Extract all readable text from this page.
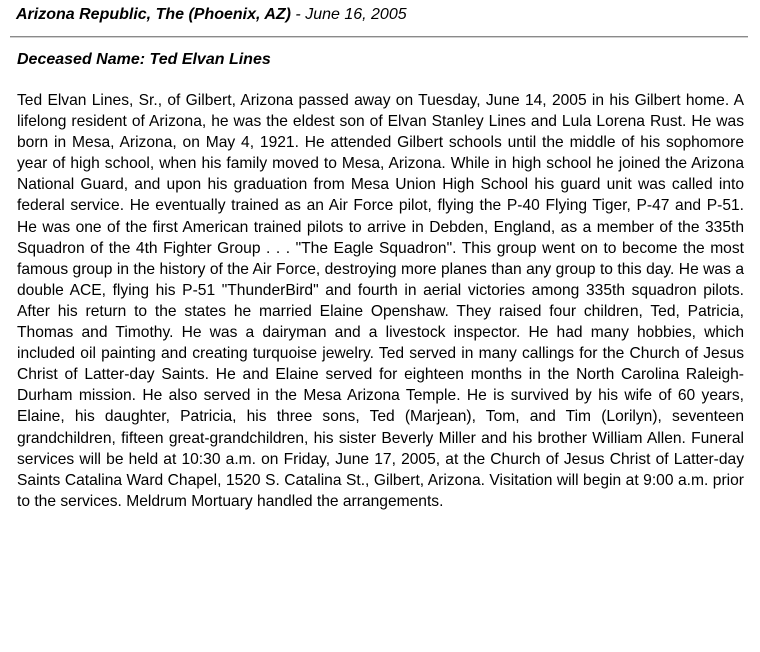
Arizona Republic, The (Phoenix, AZ) - June 16, 2005
Deceased Name: Ted Elvan Lines

Ted Elvan Lines, Sr., of Gilbert, Arizona passed away on Tuesday, June 14, 2005 in his Gilbert home. A lifelong resident of Arizona, he was the eldest son of Elvan Stanley Lines and Lula Lorena Rust. He was born in Mesa, Arizona, on May 4, 1921. He attended Gilbert schools until the middle of his sophomore year of high school, when his family moved to Mesa, Arizona. While in high school he joined the Arizona National Guard, and upon his graduation from Mesa Union High School his guard unit was called into federal service. He eventually trained as an Air Force pilot, flying the P-40 Flying Tiger, P-47 and P-51. He was one of the first American trained pilots to arrive in Debden, England, as a member of the 335th Squadron of the 4th Fighter Group . . . "The Eagle Squadron". This group went on to become the most famous group in the history of the Air Force, destroying more planes than any group to this day. He was a double ACE, flying his P-51 "ThunderBird" and fourth in aerial victories among 335th squadron pilots. After his return to the states he married Elaine Openshaw. They raised four children, Ted, Patricia, Thomas and Timothy. He was a dairyman and a livestock inspector. He had many hobbies, which included oil painting and creating turquoise jewelry. Ted served in many callings for the Church of Jesus Christ of Latter-day Saints. He and Elaine served for eighteen months in the North Carolina Raleigh-Durham mission. He also served in the Mesa Arizona Temple. He is survived by his wife of 60 years, Elaine, his daughter, Patricia, his three sons, Ted (Marjean), Tom, and Tim (Lorilyn), seventeen grandchildren, fifteen great-grandchildren, his sister Beverly Miller and his brother William Allen. Funeral services will be held at 10:30 a.m. on Friday, June 17, 2005, at the Church of Jesus Christ of Latter-day Saints Catalina Ward Chapel, 1520 S. Catalina St., Gilbert, Arizona. Visitation will begin at 9:00 a.m. prior to the services. Meldrum Mortuary handled the arrangements.
